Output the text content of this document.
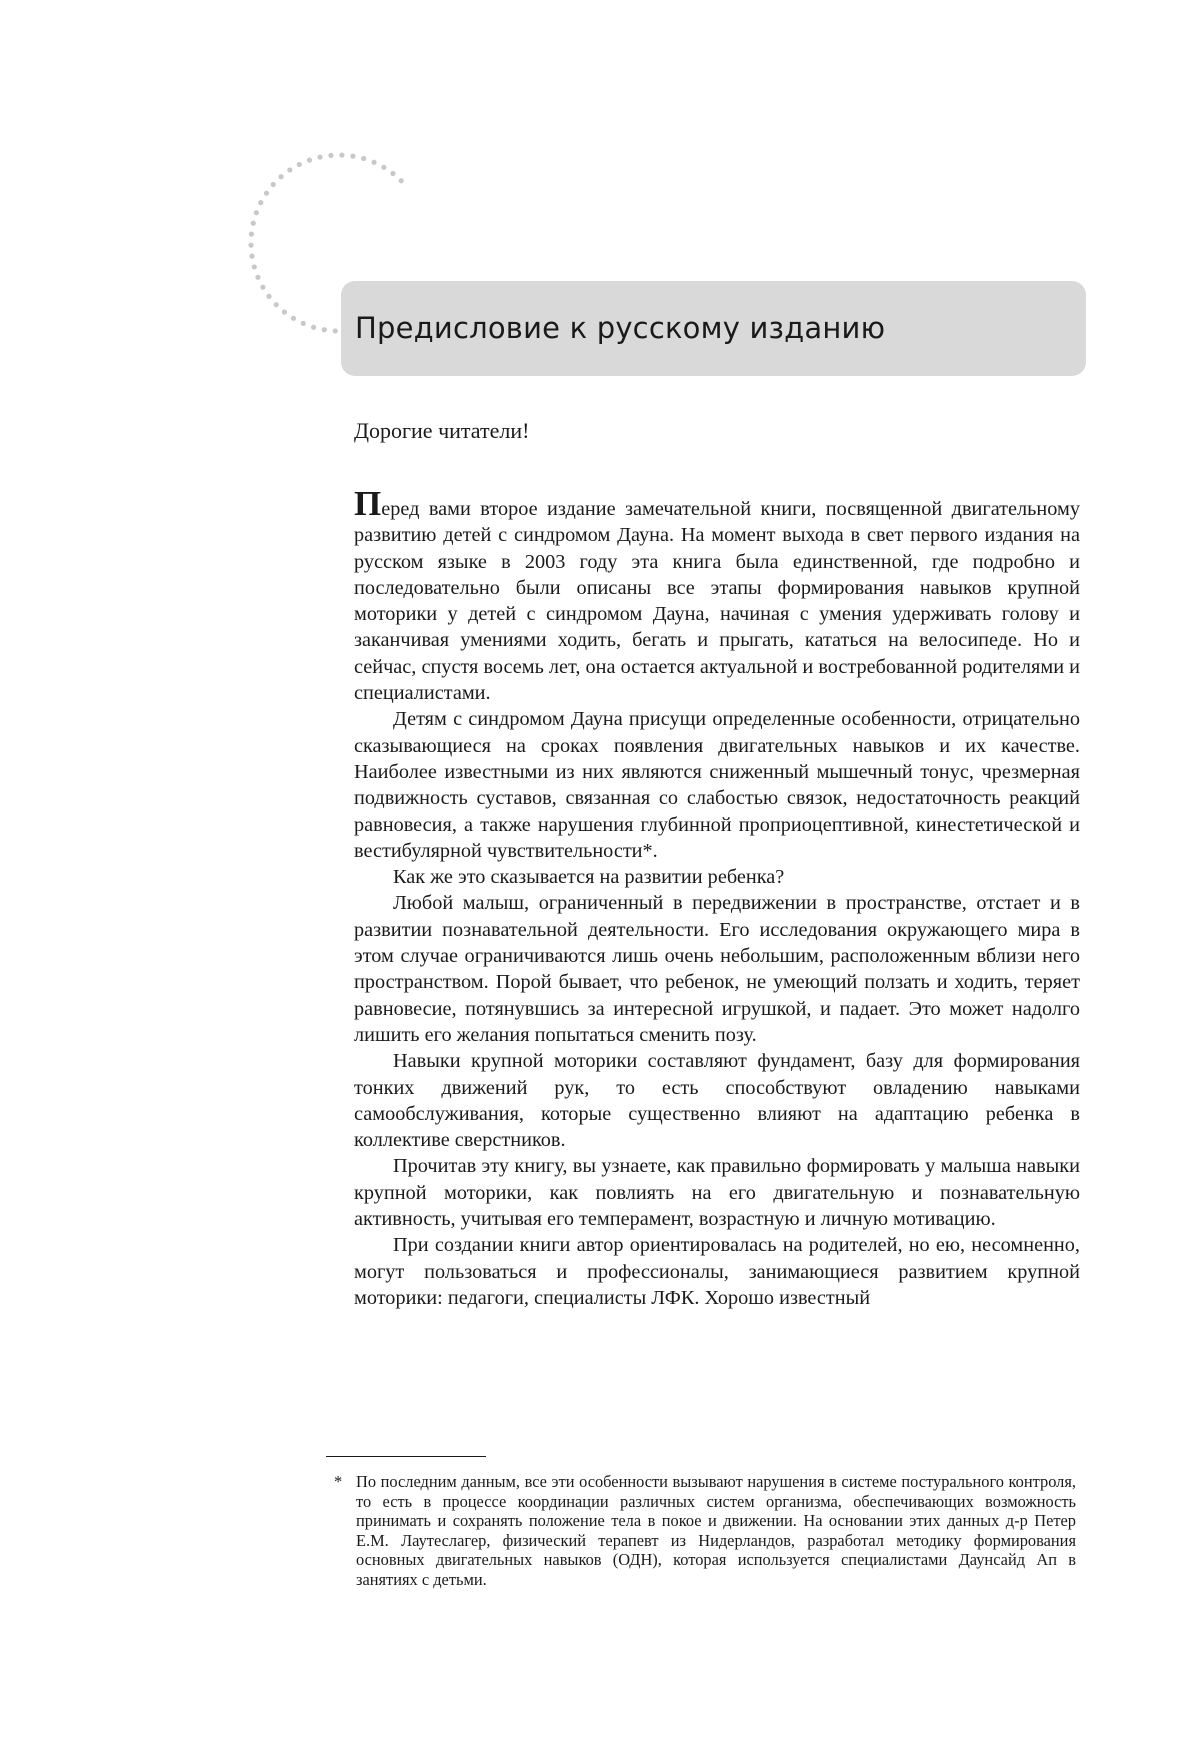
Предисловие к русскому изданию

Дорогие читатели!

Перед вами второе издание замечательной книги, посвященной двигательному развитию детей с синдромом Дауна. На момент выхода в свет первого издания на русском языке в 2003 году эта книга была единственной, где подробно и последовательно были описаны все этапы формирования навыков крупной моторики у детей с синдромом Дауна, начиная с умения удерживать голову и заканчивая умениями ходить, бегать и прыгать, кататься на велосипеде. Но и сейчас, спустя восемь лет, она остается актуальной и востребованной родителями и специалистами.

Детям с синдромом Дауна присущи определенные особенности, отрицательно сказывающиеся на сроках появления двигательных навыков и их качестве. Наиболее известными из них являются сниженный мышечный тонус, чрезмерная подвижность суставов, связанная со слабостью связок, недостаточность реакций равновесия, а также нарушения глубинной проприоцептивной, кинестетической и вестибулярной чувствительности*.

Как же это сказывается на развитии ребенка?

Любой малыш, ограниченный в передвижении в пространстве, отстает и в развитии познавательной деятельности. Его исследования окружающего мира в этом случае ограничиваются лишь очень небольшим, расположенным вблизи него пространством. Порой бывает, что ребенок, не умеющий ползать и ходить, теряет равновесие, потянувшись за интересной игрушкой, и падает. Это может надолго лишить его желания попытаться сменить позу.

Навыки крупной моторики составляют фундамент, базу для формирования тонких движений рук, то есть способствуют овладению навыками самообслуживания, которые существенно влияют на адаптацию ребенка в коллективе сверстников.

Прочитав эту книгу, вы узнаете, как правильно формировать у малыша навыки крупной моторики, как повлиять на его двигательную и познавательную активность, учитывая его темперамент, возрастную и личную мотивацию.

При создании книги автор ориентировалась на родителей, но ею, несомненно, могут пользоваться и профессионалы, занимающиеся развитием крупной моторики: педагоги, специалисты ЛФК. Хорошо известный

* По последним данным, все эти особенности вызывают нарушения в системе постурального контроля, то есть в процессе координации различных систем организма, обеспечивающих возможность принимать и сохранять положение тела в покое и движении. На основании этих данных д-р Петер Е.М. Лаутеслагер, физический терапевт из Нидерландов, разработал методику формирования основных двигательных навыков (ОДН), которая используется специалистами Даунсайд Ап в занятиях с детьми.
